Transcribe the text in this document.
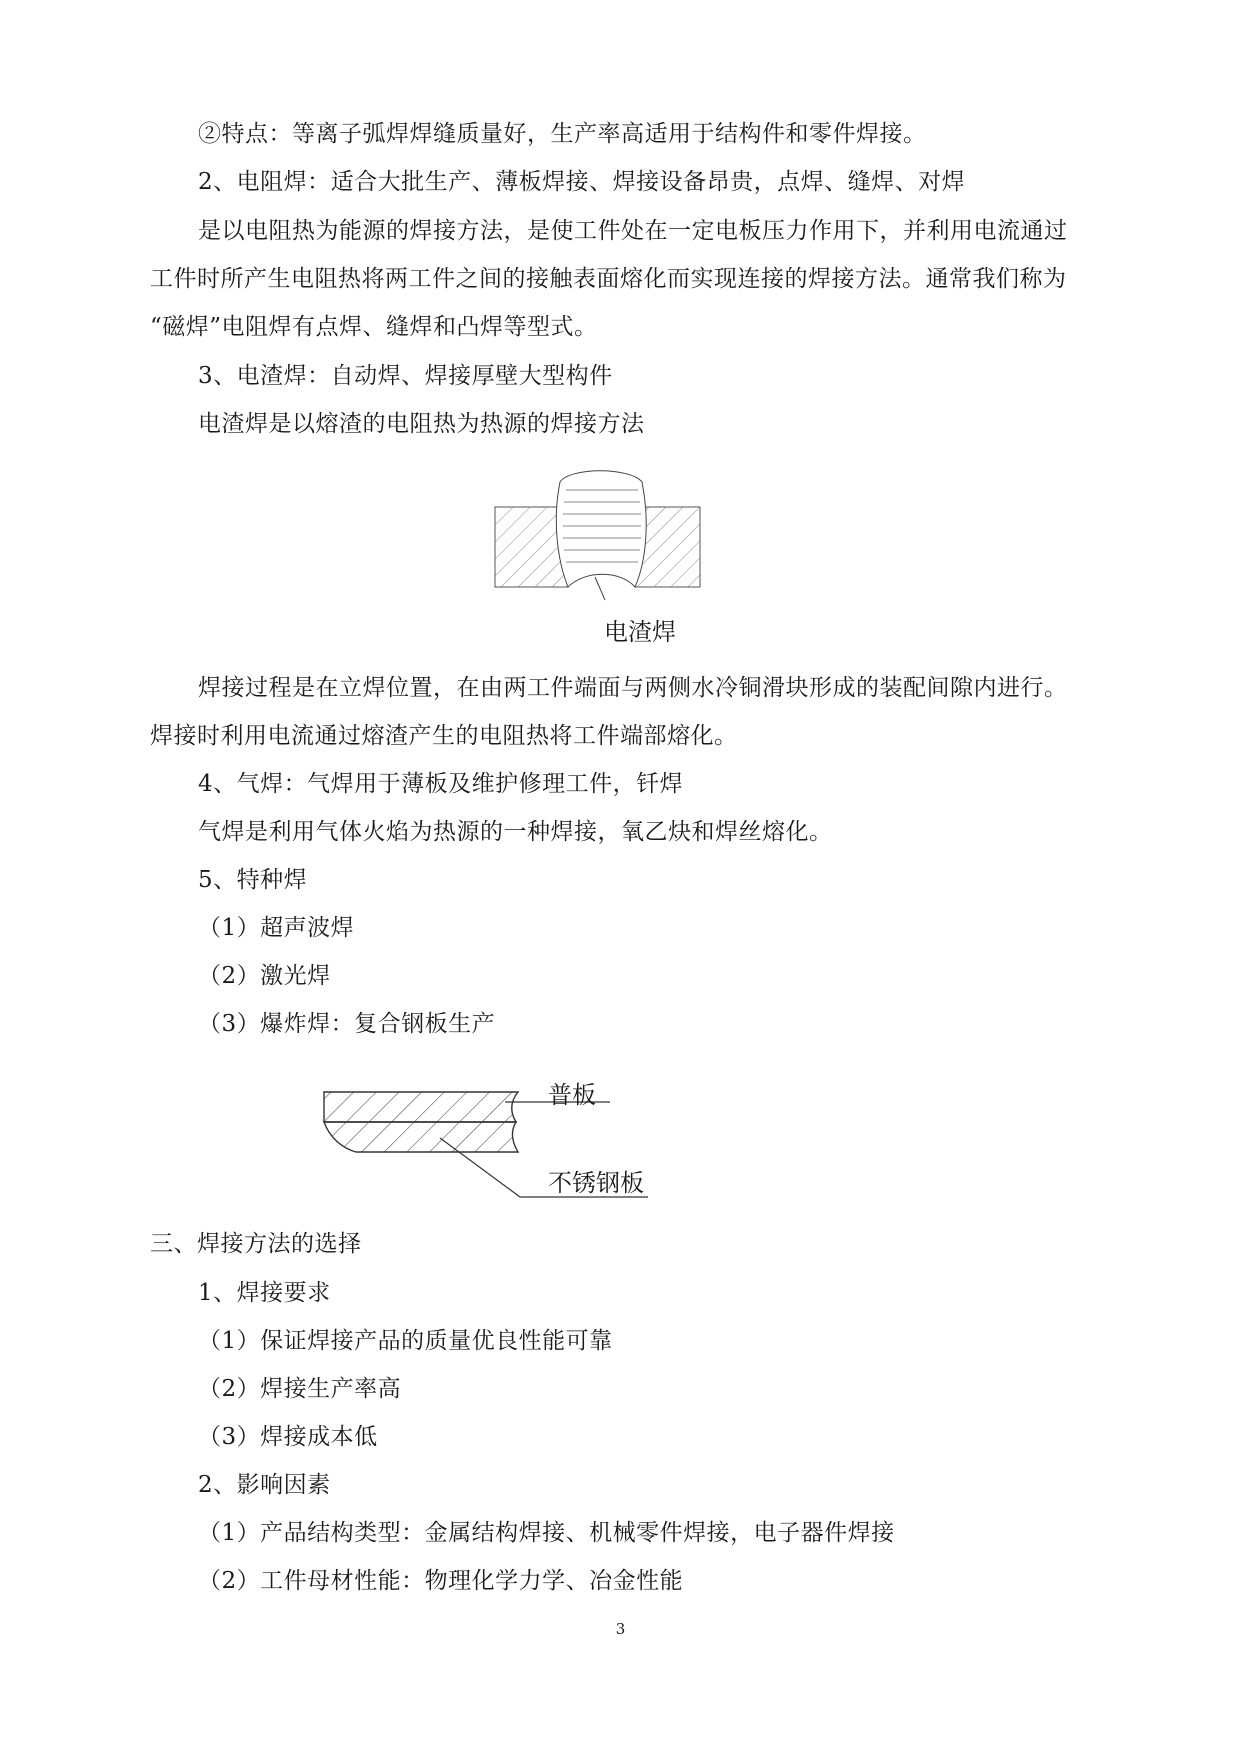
②特点：等离子弧焊焊缝质量好，生产率高适用于结构件和零件焊接。
2、电阻焊：适合大批生产、薄板焊接、焊接设备昂贵，点焊、缝焊、对焊
是以电阻热为能源的焊接方法，是使工件处在一定电板压力作用下，并利用电流通过
工件时所产生电阻热将两工件之间的接触表面熔化而实现连接的焊接方法。通常我们称为
“磁焊”电阻焊有点焊、缝焊和凸焊等型式。
3、电渣焊：自动焊、焊接厚壁大型构件
电渣焊是以熔渣的电阻热为热源的焊接方法
电渣焊
焊接过程是在立焊位置，在由两工件端面与两侧水冷铜滑块形成的装配间隙内进行。
焊接时利用电流通过熔渣产生的电阻热将工件端部熔化。
4、气焊：气焊用于薄板及维护修理工件，钎焊
气焊是利用气体火焰为热源的一种焊接，氧乙炔和焊丝熔化。
5、特种焊
（1）超声波焊
（2）激光焊
（3）爆炸焊：复合钢板生产
普板
不锈钢板
三、焊接方法的选择
1、焊接要求
（1）保证焊接产品的质量优良性能可靠
（2）焊接生产率高
（3）焊接成本低
2、影响因素
（1）产品结构类型：金属结构焊接、机械零件焊接，电子器件焊接
（2）工件母材性能：物理化学力学、冶金性能
3
